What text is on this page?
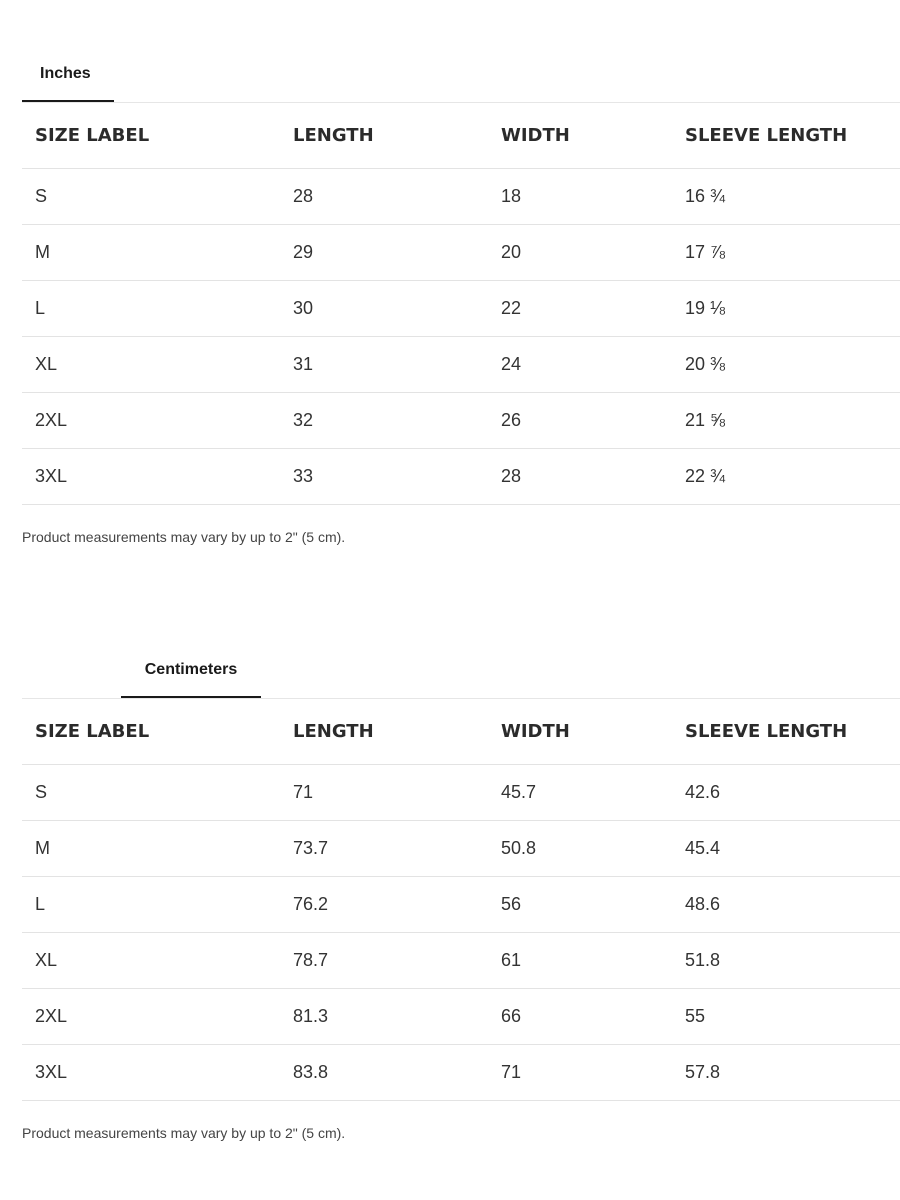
Inches
SIZE LABEL	LENGTH	WIDTH	SLEEVE LENGTH
S	28	18	16 ¾
M	29	20	17 ⅞
L	30	22	19 ⅛
XL	31	24	20 ⅜
2XL	32	26	21 ⅝
3XL	33	28	22 ¾
Product measurements may vary by up to 2" (5 cm).
Centimeters
SIZE LABEL	LENGTH	WIDTH	SLEEVE LENGTH
S	71	45.7	42.6
M	73.7	50.8	45.4
L	76.2	56	48.6
XL	78.7	61	51.8
2XL	81.3	66	55
3XL	83.8	71	57.8
Product measurements may vary by up to 2" (5 cm).
